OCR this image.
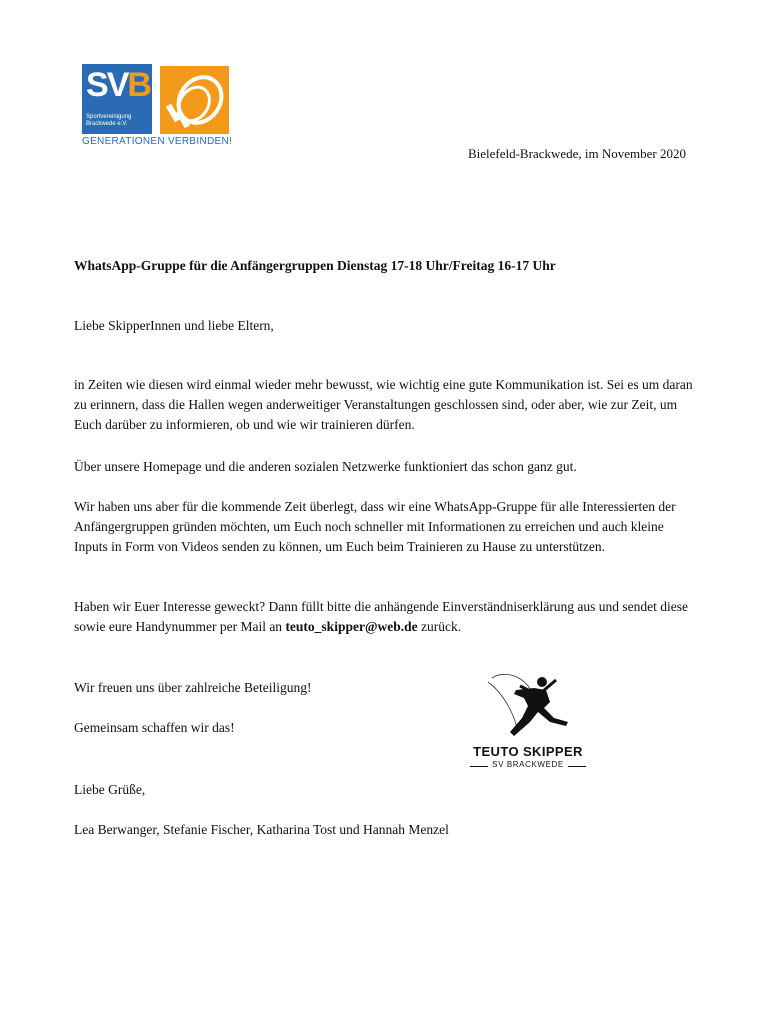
SVB
Sportvereinigung Brackwede e.V.
GENERATIONEN VERBINDEN!
Bielefeld-Brackwede, im November 2020
WhatsApp-Gruppe für die Anfängergruppen Dienstag 17-18 Uhr/Freitag 16-17 Uhr
Liebe SkipperInnen und liebe Eltern,
in Zeiten wie diesen wird einmal wieder mehr bewusst, wie wichtig eine gute Kommunikation ist. Sei es um daran zu erinnern, dass die Hallen wegen anderweitiger Veranstaltungen geschlossen sind, oder aber, wie zur Zeit, um Euch darüber zu informieren, ob und wie wir trainieren dürfen.
Über unsere Homepage und die anderen sozialen Netzwerke funktioniert das schon ganz gut.
Wir haben uns aber für die kommende Zeit überlegt, dass wir eine WhatsApp-Gruppe für alle Interessierten der Anfängergruppen gründen möchten, um Euch noch schneller mit Informationen zu erreichen und auch kleine Inputs in Form von Videos senden zu können, um Euch beim Trainieren zu Hause zu unterstützen.
Haben wir Euer Interesse geweckt? Dann füllt bitte die anhängende Einverständniserklärung aus und sendet diese sowie eure Handynummer per Mail an teuto_skipper@web.de zurück.
Wir freuen uns über zahlreiche Beteiligung!
Gemeinsam schaffen wir das!
Liebe Grüße,
Lea Berwanger, Stefanie Fischer, Katharina Tost und Hannah Menzel
TEUTO SKIPPER
SV BRACKWEDE
